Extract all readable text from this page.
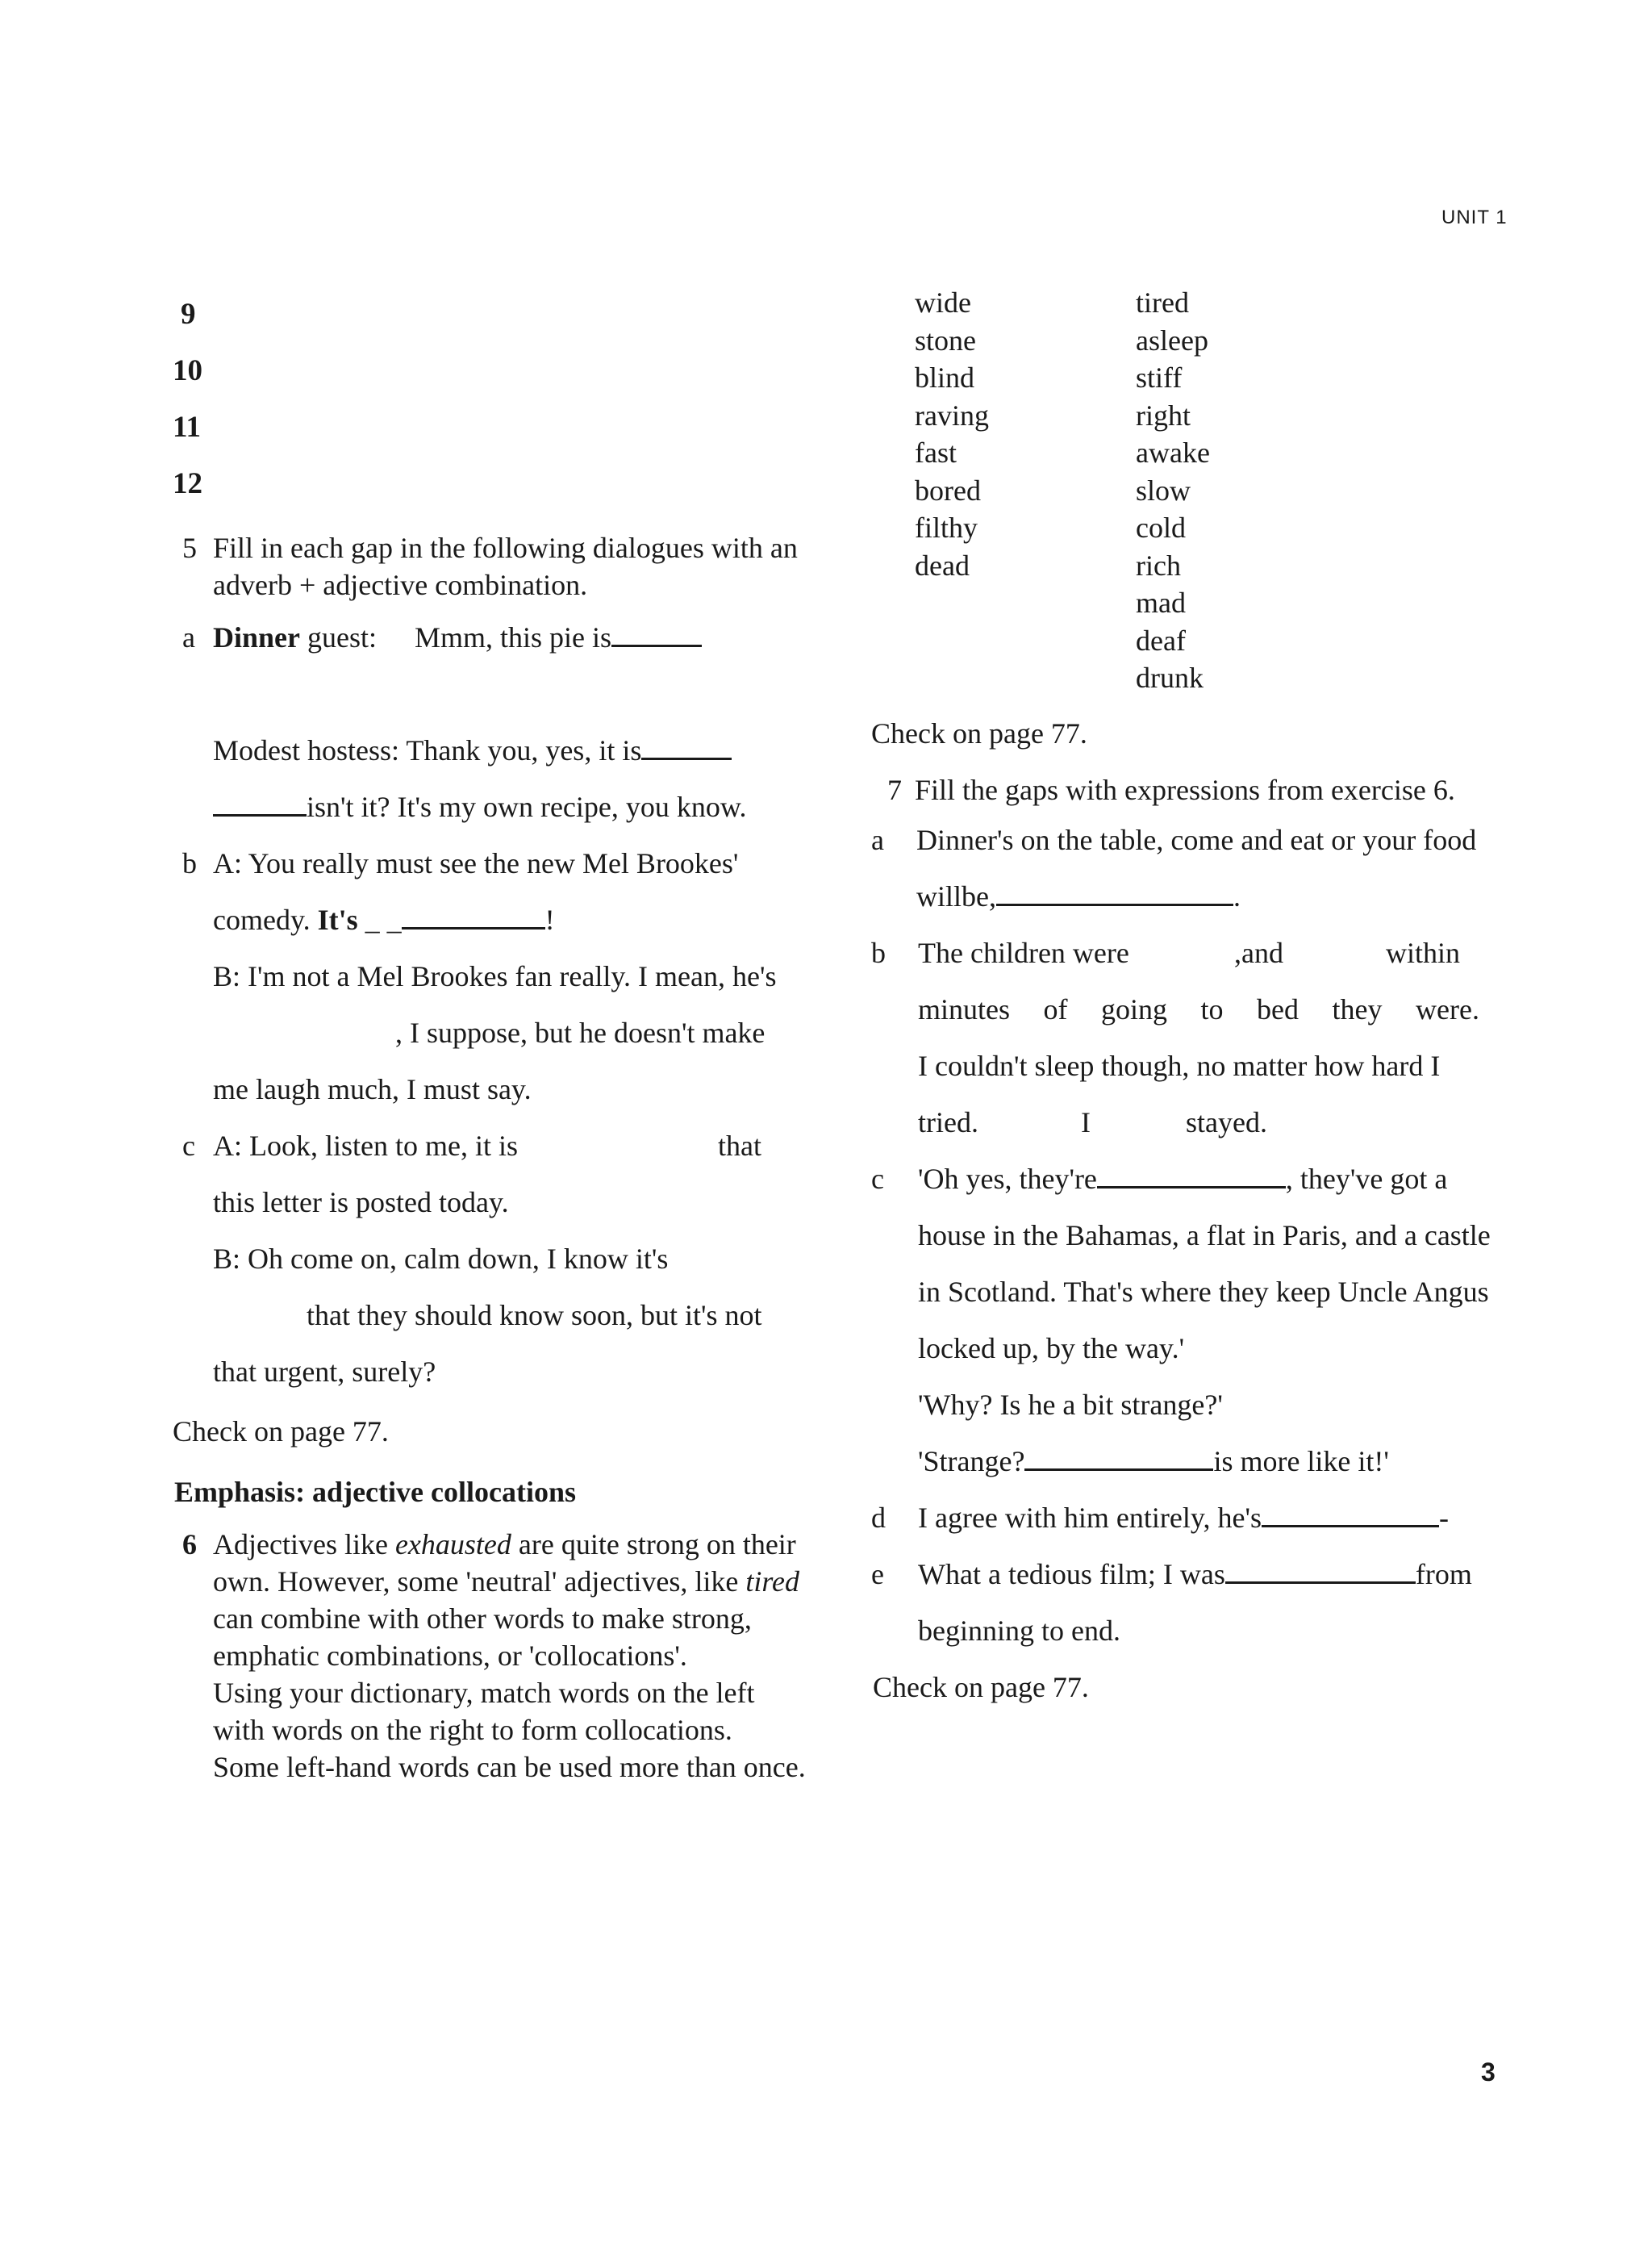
UNIT 1
9
10
11
12
5 Fill in each gap in the following dialogues with an
adverb + adjective combination.
a Dinner guest: Mmm, this pie is
Modest hostess: Thank you, yes, it is
isn't it? It's my own recipe, you know.
b A: You really must see the new Mel Brookes'
comedy. It's _ _	!
B: I'm not a Mel Brookes fan really. I mean, he's
, I suppose, but he doesn't make
me laugh much, I must say.
c A: Look, listen to me, it is	that
this letter is posted today.
B: Oh come on, calm down, I know it's
that they should know soon, but it's not
that urgent, surely?
Check on page 77.
Emphasis: adjective collocations
6 Adjectives like exhausted are quite strong on their
own. However, some 'neutral' adjectives, like tired
can combine with other words to make strong,
emphatic combinations, or 'collocations'.
Using your dictionary, match words on the left
with words on the right to form collocations.
Some left-hand words can be used more than once.
wide
stone
blind
raving
fast
bored
filthy
dead
tired
asleep
stiff
right
awake
slow
cold
rich
mad
deaf
drunk
Check on page 77.
7 Fill the gaps with expressions from exercise 6.
a Dinner's on the table, come and eat or your food
willbe,	.
b The children were	,and	within
minutes of going to bed they were.
I couldn't sleep though, no matter how hard I
tried.	I	stayed.
c 'Oh yes, they're	, they've got a
house in the Bahamas, a flat in Paris, and a castle
in Scotland. That's where they keep Uncle Angus
locked up, by the way.'
'Why? Is he a bit strange?'
'Strange?	is more like it!'
d I agree with him entirely, he's	-
e What a tedious film; I was	from
beginning to end.
Check on page 77.
3
